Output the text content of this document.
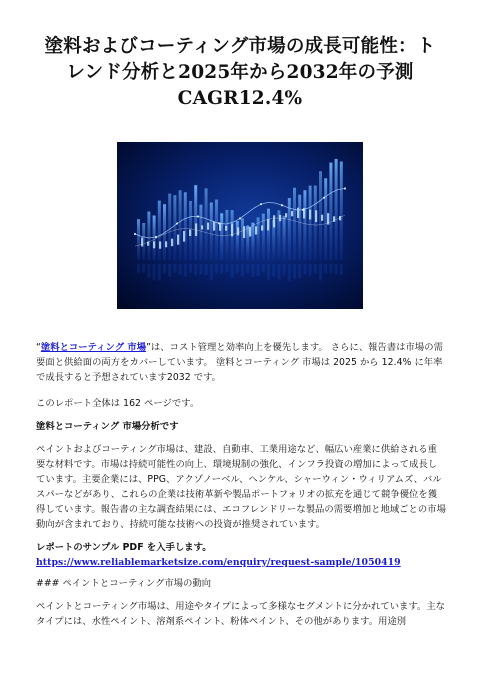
塗料およびコーティング市場の成長可能性：ト
レンド分析と2025年から2032年の予測
CAGR12.4%
“塗料とコーティング 市場”は、コスト管理と効率向上を優先します。 さらに、報告書は市場の需要面と供給面の両方をカバーしています。 塗料とコーティング 市場は 2025 から 12.4% に年率で成長すると予想されています2032 です。
このレポート全体は 162 ページです。
塗料とコーティング 市場分析です
ペイントおよびコーティング市場は、建設、自動車、工業用途など、幅広い産業に供給される重要な材料です。市場は持続可能性の向上、環境規制の強化、インフラ投資の増加によって成長しています。主要企業には、PPG、アクゾノーベル、ヘンケル、シャーウィン・ウィリアムズ、バルスパーなどがあり、これらの企業は技術革新や製品ポートフォリオの拡充を通じて競争優位を獲得しています。報告書の主な調査結果には、エコフレンドリーな製品の需要増加と地域ごとの市場動向が含まれており、持続可能な技術への投資が推奨されています。
レポートのサンプル PDF を入手します。 https://www.reliablemarketsize.com/enquiry/request-sample/1050419
### ペイントとコーティング市場の動向
ペイントとコーティング市場は、用途やタイプによって多様なセグメントに分かれています。主なタイプには、水性ペイント、溶剤系ペイント、粉体ペイント、その他があります。用途別
